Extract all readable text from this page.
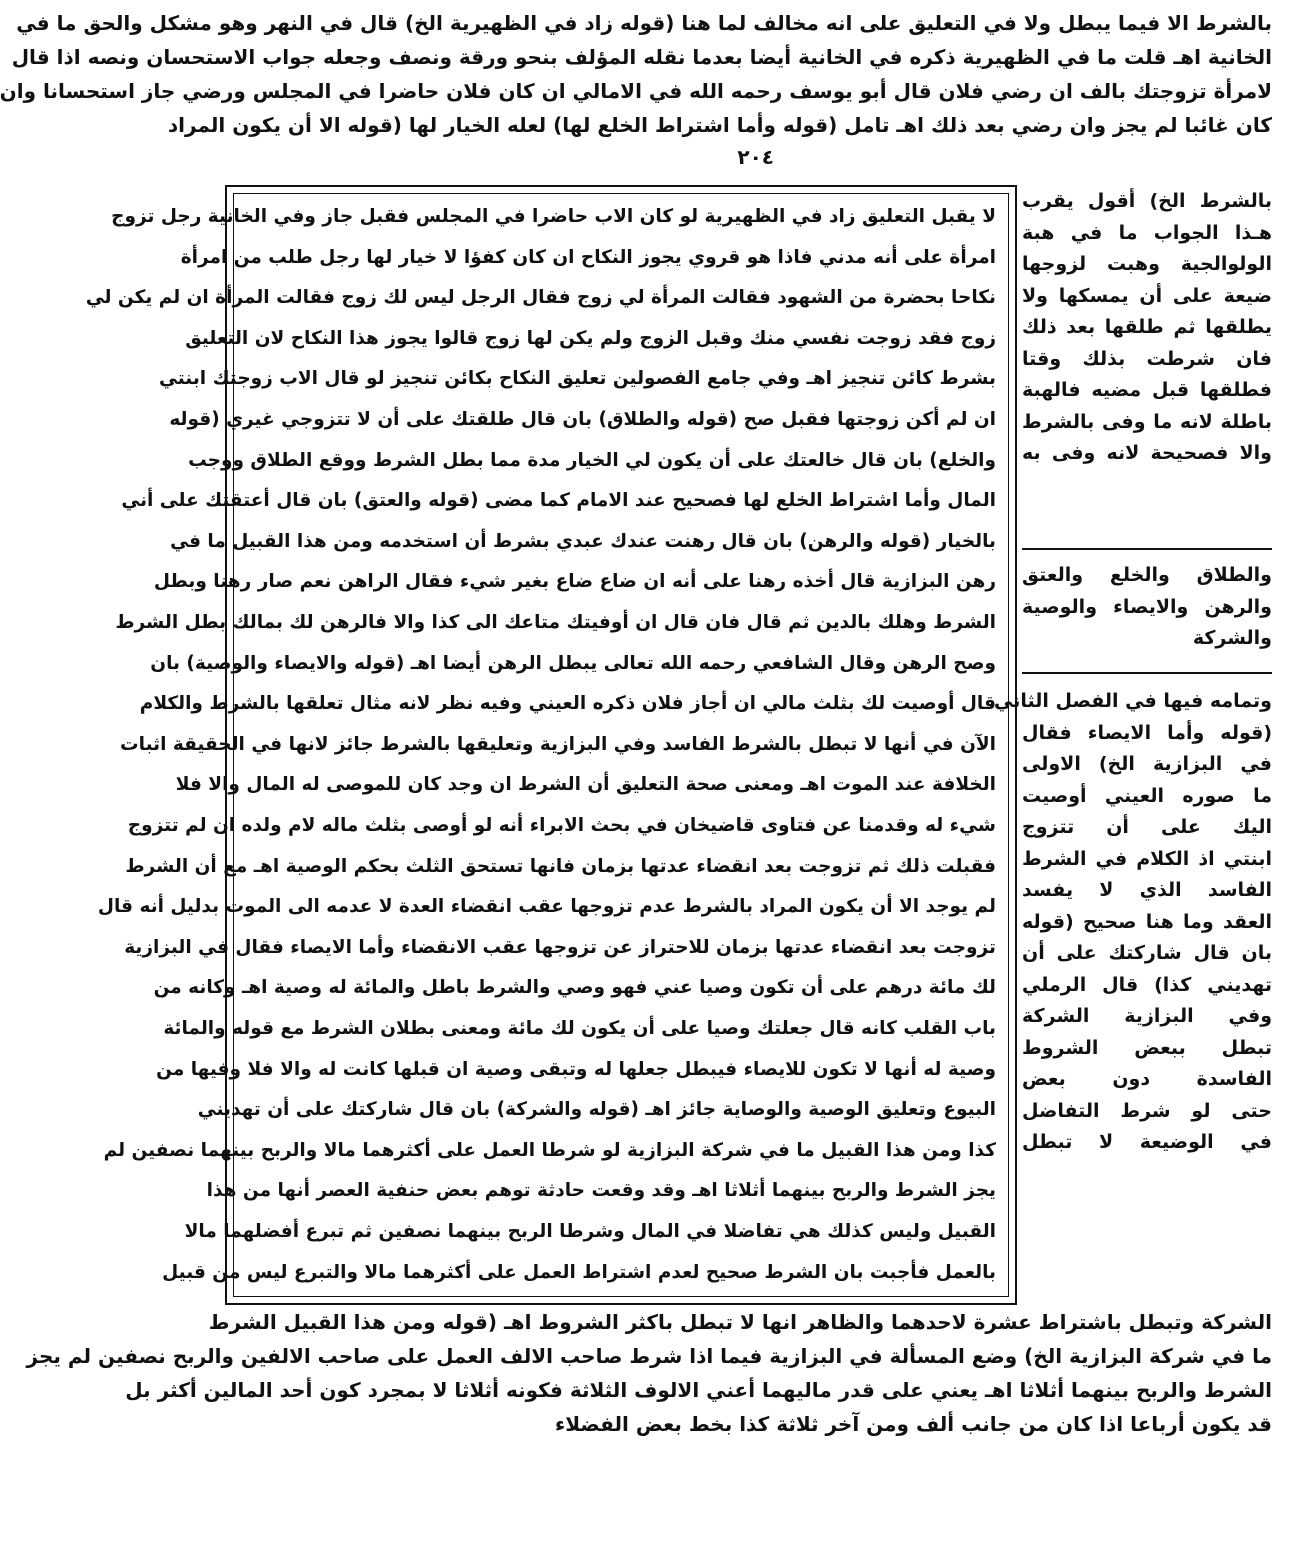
بالشرط الا فيما يبطل ولا في التعليق على انه مخالف لما هنا (قوله زاد في الظهيرية الخ) قال في النهر وهو مشكل والحق ما في
الخانية اهـ قلت ما في الظهيرية ذكره في الخانية أيضا بعدما نقله المؤلف بنحو ورقة ونصف وجعله جواب الاستحسان ونصه اذا قال
لامرأة تزوجتك بالف ان رضي فلان قال أبو يوسف رحمه الله في الامالي ان كان فلان حاضرا في المجلس ورضي جاز استحسانا وان
كان غائبا لم يجز وان رضي بعد ذلك اهـ تامل (قوله وأما اشتراط الخلع لها) لعله الخيار لها (قوله الا أن يكون المراد
٢٠٤
بالشرط الخ) أقول يقرب
هـذا الجواب ما في هبة
الولوالجية وهبت لزوجها
ضيعة على أن يمسكها ولا
يطلقها ثم طلقها بعد ذلك
فان شرطت بذلك وقتا
فطلقها قبل مضيه فالهبة
باطلة لانه ما وفى بالشرط
والا فصحيحة لانه وفى به
والطلاق والخلع والعتق
والرهن والايصاء والوصية
والشركة
وتمامه فيها في الفصل الثاني
(قوله وأما الايصاء فقال
في البزازية الخ) الاولى
ما صوره العيني أوصيت
اليك على أن تتزوج
ابنتي اذ الكلام في الشرط
الفاسد الذي لا يفسد
العقد وما هنا صحيح (قوله
بان قال شاركتك على أن
تهديني كذا) قال الرملي
وفي البزازية الشركة
تبطل ببعض الشروط
الفاسدة دون بعض
حتى لو شرط التفاضل
في الوضيعة لا تبطل
لا يقبل التعليق زاد في الظهيرية لو كان الاب حاضرا في المجلس فقبل جاز وفي الخانية رجل تزوج
امرأة على أنه مدني فاذا هو قروي يجوز النكاح ان كان كفؤا لا خيار لها رجل طلب من امرأة
نكاحا بحضرة من الشهود فقالت المرأة لي زوج فقال الرجل ليس لك زوج فقالت المرأة ان لم يكن لي
زوج فقد زوجت نفسي منك وقبل الزوج ولم يكن لها زوج قالوا يجوز هذا النكاح لان التعليق
بشرط كائن تنجيز اهـ وفي جامع الفصولين تعليق النكاح بكائن تنجيز لو قال الاب زوجتك ابنتي
ان لم أكن زوجتها فقبل صح (قوله والطلاق) بان قال طلقتك على أن لا تتزوجي غيري (قوله
والخلع) بان قال خالعتك على أن يكون لي الخيار مدة مما بطل الشرط ووقع الطلاق ووجب
المال وأما اشتراط الخلع لها فصحيح عند الامام كما مضى (قوله والعتق) بان قال أعتقتك على أني
بالخيار (قوله والرهن) بان قال رهنت عندك عبدي بشرط أن استخدمه ومن هذا القبيل ما في
رهن البزازية قال أخذه رهنا على أنه ان ضاع ضاع بغير شيء فقال الراهن نعم صار رهنا وبطل
الشرط وهلك بالدين ثم قال فان قال ان أوفيتك متاعك الى كذا والا فالرهن لك بمالك بطل الشرط
وصح الرهن وقال الشافعي رحمه الله تعالى يبطل الرهن أيضا اهـ (قوله والايصاء والوصية) بان
قال أوصيت لك بثلث مالي ان أجاز فلان ذكره العيني وفيه نظر لانه مثال تعلقها بالشرط والكلام
الآن في أنها لا تبطل بالشرط الفاسد وفي البزازية وتعليقها بالشرط جائز لانها في الحقيقة اثبات
الخلافة عند الموت اهـ ومعنى صحة التعليق أن الشرط ان وجد كان للموصى له المال والا فلا
شيء له وقدمنا عن فتاوى قاضيخان في بحث الابراء أنه لو أوصى بثلث ماله لام ولده ان لم تتزوج
فقبلت ذلك ثم تزوجت بعد انقضاء عدتها بزمان فانها تستحق الثلث بحكم الوصية اهـ مع أن الشرط
لم يوجد الا أن يكون المراد بالشرط عدم تزوجها عقب انقضاء العدة لا عدمه الى الموت بدليل أنه قال
تزوجت بعد انقضاء عدتها بزمان للاحتراز عن تزوجها عقب الانقضاء وأما الايصاء فقال في البزازية
لك مائة درهم على أن تكون وصيا عني فهو وصي والشرط باطل والمائة له وصية اهـ وكانه من
باب القلب كانه قال جعلتك وصيا على أن يكون لك مائة ومعنى بطلان الشرط مع قوله والمائة
وصية له أنها لا تكون للايصاء فيبطل جعلها له وتبقى وصية ان قبلها كانت له والا فلا وفيها من
البيوع وتعليق الوصية والوصاية جائز اهـ (قوله والشركة) بان قال شاركتك على أن تهديني
كذا ومن هذا القبيل ما في شركة البزازية لو شرطا العمل على أكثرهما مالا والربح بينهما نصفين لم
يجز الشرط والربح بينهما أثلاثا اهـ وقد وقعت حادثة توهم بعض حنفية العصر أنها من هذا
القبيل وليس كذلك هي تفاضلا في المال وشرطا الربح بينهما نصفين ثم تبرع أفضلهما مالا
بالعمل فأجبت بان الشرط صحيح لعدم اشتراط العمل على أكثرهما مالا والتبرع ليس من قبيل
الشركة وتبطل باشتراط عشرة لاحدهما والظاهر انها لا تبطل باكثر الشروط اهـ (قوله ومن هذا القبيل الشرط
ما في شركة البزازية الخ) وضع المسألة في البزازية فيما اذا شرط صاحب الالف العمل على صاحب الالفين والربح نصفين لم يجز
الشرط والربح بينهما أثلاثا اهـ يعني على قدر ماليهما أعني الالوف الثلاثة فكونه أثلاثا لا بمجرد كون أحد المالين أكثر بل
قد يكون أرباعا اذا كان من جانب ألف ومن آخر ثلاثة كذا بخط بعض الفضلاء
